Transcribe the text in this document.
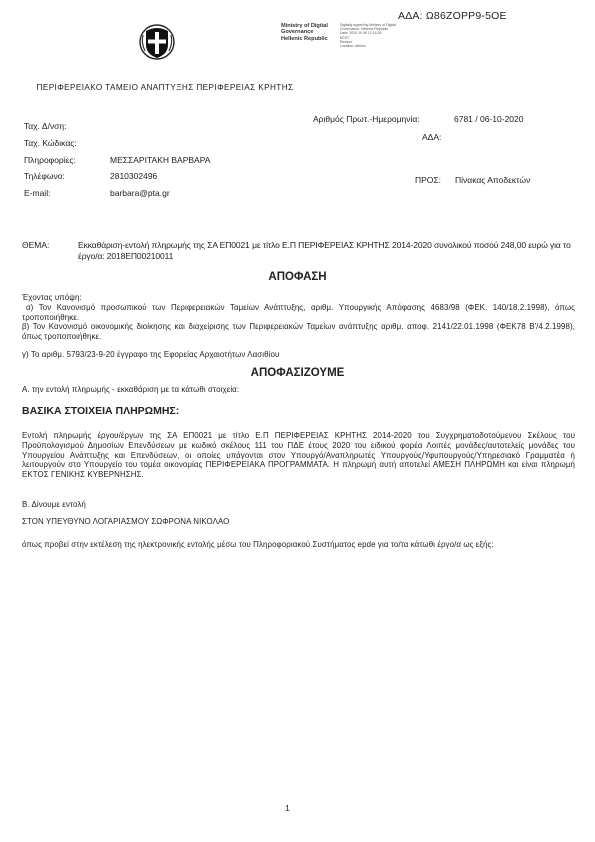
ΑΔΑ: Ω86ΖΟΡΡ9-5ΟΕ
Ministry of Digital
Governance
Hellenic Republic
Digitally signed by Ministry of Digital
Governance, Hellenic Republic
Date: 2020.10.06 12:14:26
EEST
Reason:
Location: Athens
ΠΕΡΙΦΕΡΕΙΑΚΟ ΤΑΜΕΙΟ ΑΝΑΠΤΥΞΗΣ ΠΕΡΙΦΕΡΕΙΑΣ ΚΡΗΤΗΣ
Ταχ. Δ/νση:
Ταχ. Κώδικας:
Πληροφορίες:	ΜΕΣΣΑΡΙΤΑΚΗ ΒΑΡΒΑΡΑ
Τηλέφωνο:	2810302496
E-mail:	barbara@pta.gr
Αριθμός Πρωτ.-Ημερομηνία:	6781 / 06-10-2020
ΑΔΑ:
ΠΡΟΣ: Πίνακας Αποδεκτών
ΘΕΜΑ:	Εκκαθάριση-εντολή πληρωμής της ΣΑ ΕΠ0021 με τίτλο Ε.Π ΠΕΡΙΦΕΡΕΙΑΣ ΚΡΗΤΗΣ 2014-2020 συνολικού ποσού 248,00 ευρώ για το έργο/α: 2018ΕΠ00210011
ΑΠΟΦΑΣΗ
Έχοντας υπόψη:
α) Τον Κανονισμό προσωπικού των Περιφερειακών Ταμείων Ανάπτυξης, αριθμ. Υπουργικής Απόφασης 4683/98 (ΦΕΚ. 140/18.2.1998), όπως τροποποιήθηκε.
β) Τον Κανονισμό οικονομικής διοίκησης και διαχείρισης των Περιφερειακών Ταμείων ανάπτυξης αριθμ. αποφ. 2141/22.01.1998 (ΦΕΚ78 Β'/4.2.1998), όπως τροποποιήθηκε.
γ) Το αριθμ. 5793/23-9-20 έγγραφο της Εφορείας Αρχαιοτήτων Λασιθίου
ΑΠΟΦΑΣΙΖΟΥΜΕ
Α. την εντολή πληρωμής - εκκαθάριση με τα κάτωθι στοιχεία:
ΒΑΣΙΚΑ ΣΤΟΙΧΕΙΑ ΠΛΗΡΩΜΗΣ:
Εντολή πληρωμής έργου/έργων της ΣΑ ΕΠ0021 με τίτλο Ε.Π ΠΕΡΙΦΕΡΕΙΑΣ ΚΡΗΤΗΣ 2014-2020 του Συγχρηματοδοτούμενου Σκέλους του Προϋπολογισμού Δημοσίων Επενδύσεων με κωδικό σκέλους 111 του ΠΔΕ έτους 2020 του ειδικού φορέα Λοιπές μονάδες/αυτοτελείς μονάδες του Υπουργείου Ανάπτυξης και Επενδύσεων, οι οποίες υπάγονται στον Υπουργό/Αναπληρωτές Υπουργούς/Υφυπουργούς/Υπηρεσιακό Γραμματέα ή λειτουργούν στο Υπουργείο του τομέα οικονομίας ΠΕΡΙΦΕΡΕΙΑΚΑ ΠΡΟΓΡΑΜΜΑΤΑ. Η πληρωμή αυτή αποτελεί ΑΜΕΣΗ ΠΛΗΡΩΜΗ και είναι πληρωμή ΕΚΤΟΣ ΓΕΝΙΚΗΣ ΚΥΒΕΡΝΗΣΗΣ.
Β. Δίνουμε εντολή
ΣΤΟΝ ΥΠΕΥΘΥΝΟ ΛΟΓΑΡΙΑΣΜΟΥ ΣΩΦΡΟΝΑ ΝΙΚΟΛΑΟ
όπως προβεί στην εκτέλεση της ηλεκτρονικής εντολής μέσω του Πληροφοριακού Συστήματος epde για το/τα κάτωθι έργο/α ως εξής:
1
